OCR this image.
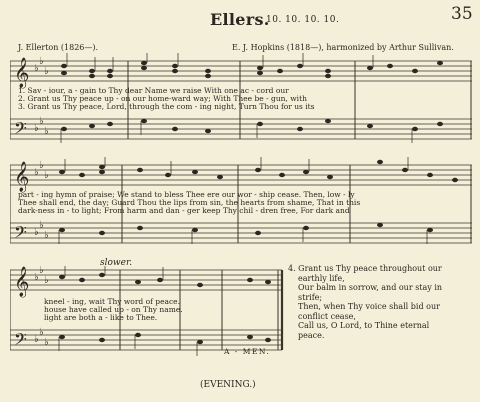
35
Ellers.
10. 10. 10. 10.
J. Ellerton (1826—).	E. J. Hopkins (1818—), harmonized by Arthur Sullivan.
𝄞
𝄢
♭
♭
♭
♭
♭
♭
1. Sav - iour, a - gain to Thy dear Name we raise With one ac - cord our
2. Grant us Thy peace up - on our home-ward way; With Thee be - gun, with
3. Grant us Thy peace, Lord, through the com - ing night, Turn Thou for us its
𝄞
𝄢
♭
♭
♭
♭
♭
♭
part - ing hymn of praise; We stand to bless Thee ere our wor - ship cease. Then, low - ly
Thee shall end, the day; Guard Thou the lips from sin, the hearts from shame, That in this
dark-ness in - to light; From harm and dan - ger keep Thy chil - dren free, For dark and
slower.
𝄞
𝄢
♭
♭
♭
♭
♭
♭
kneel - ing, wait Thy word of peace.
house have called up - on Thy name.
light are both a - like to Thee.
A - MEN.
4. Grant us Thy peace throughout our
earthly life,
Our balm in sorrow, and our stay in
strife;
Then, when Thy voice shall bid our
conflict cease,
Call us, O Lord, to Thine eternal
peace.
(EVENING.)
